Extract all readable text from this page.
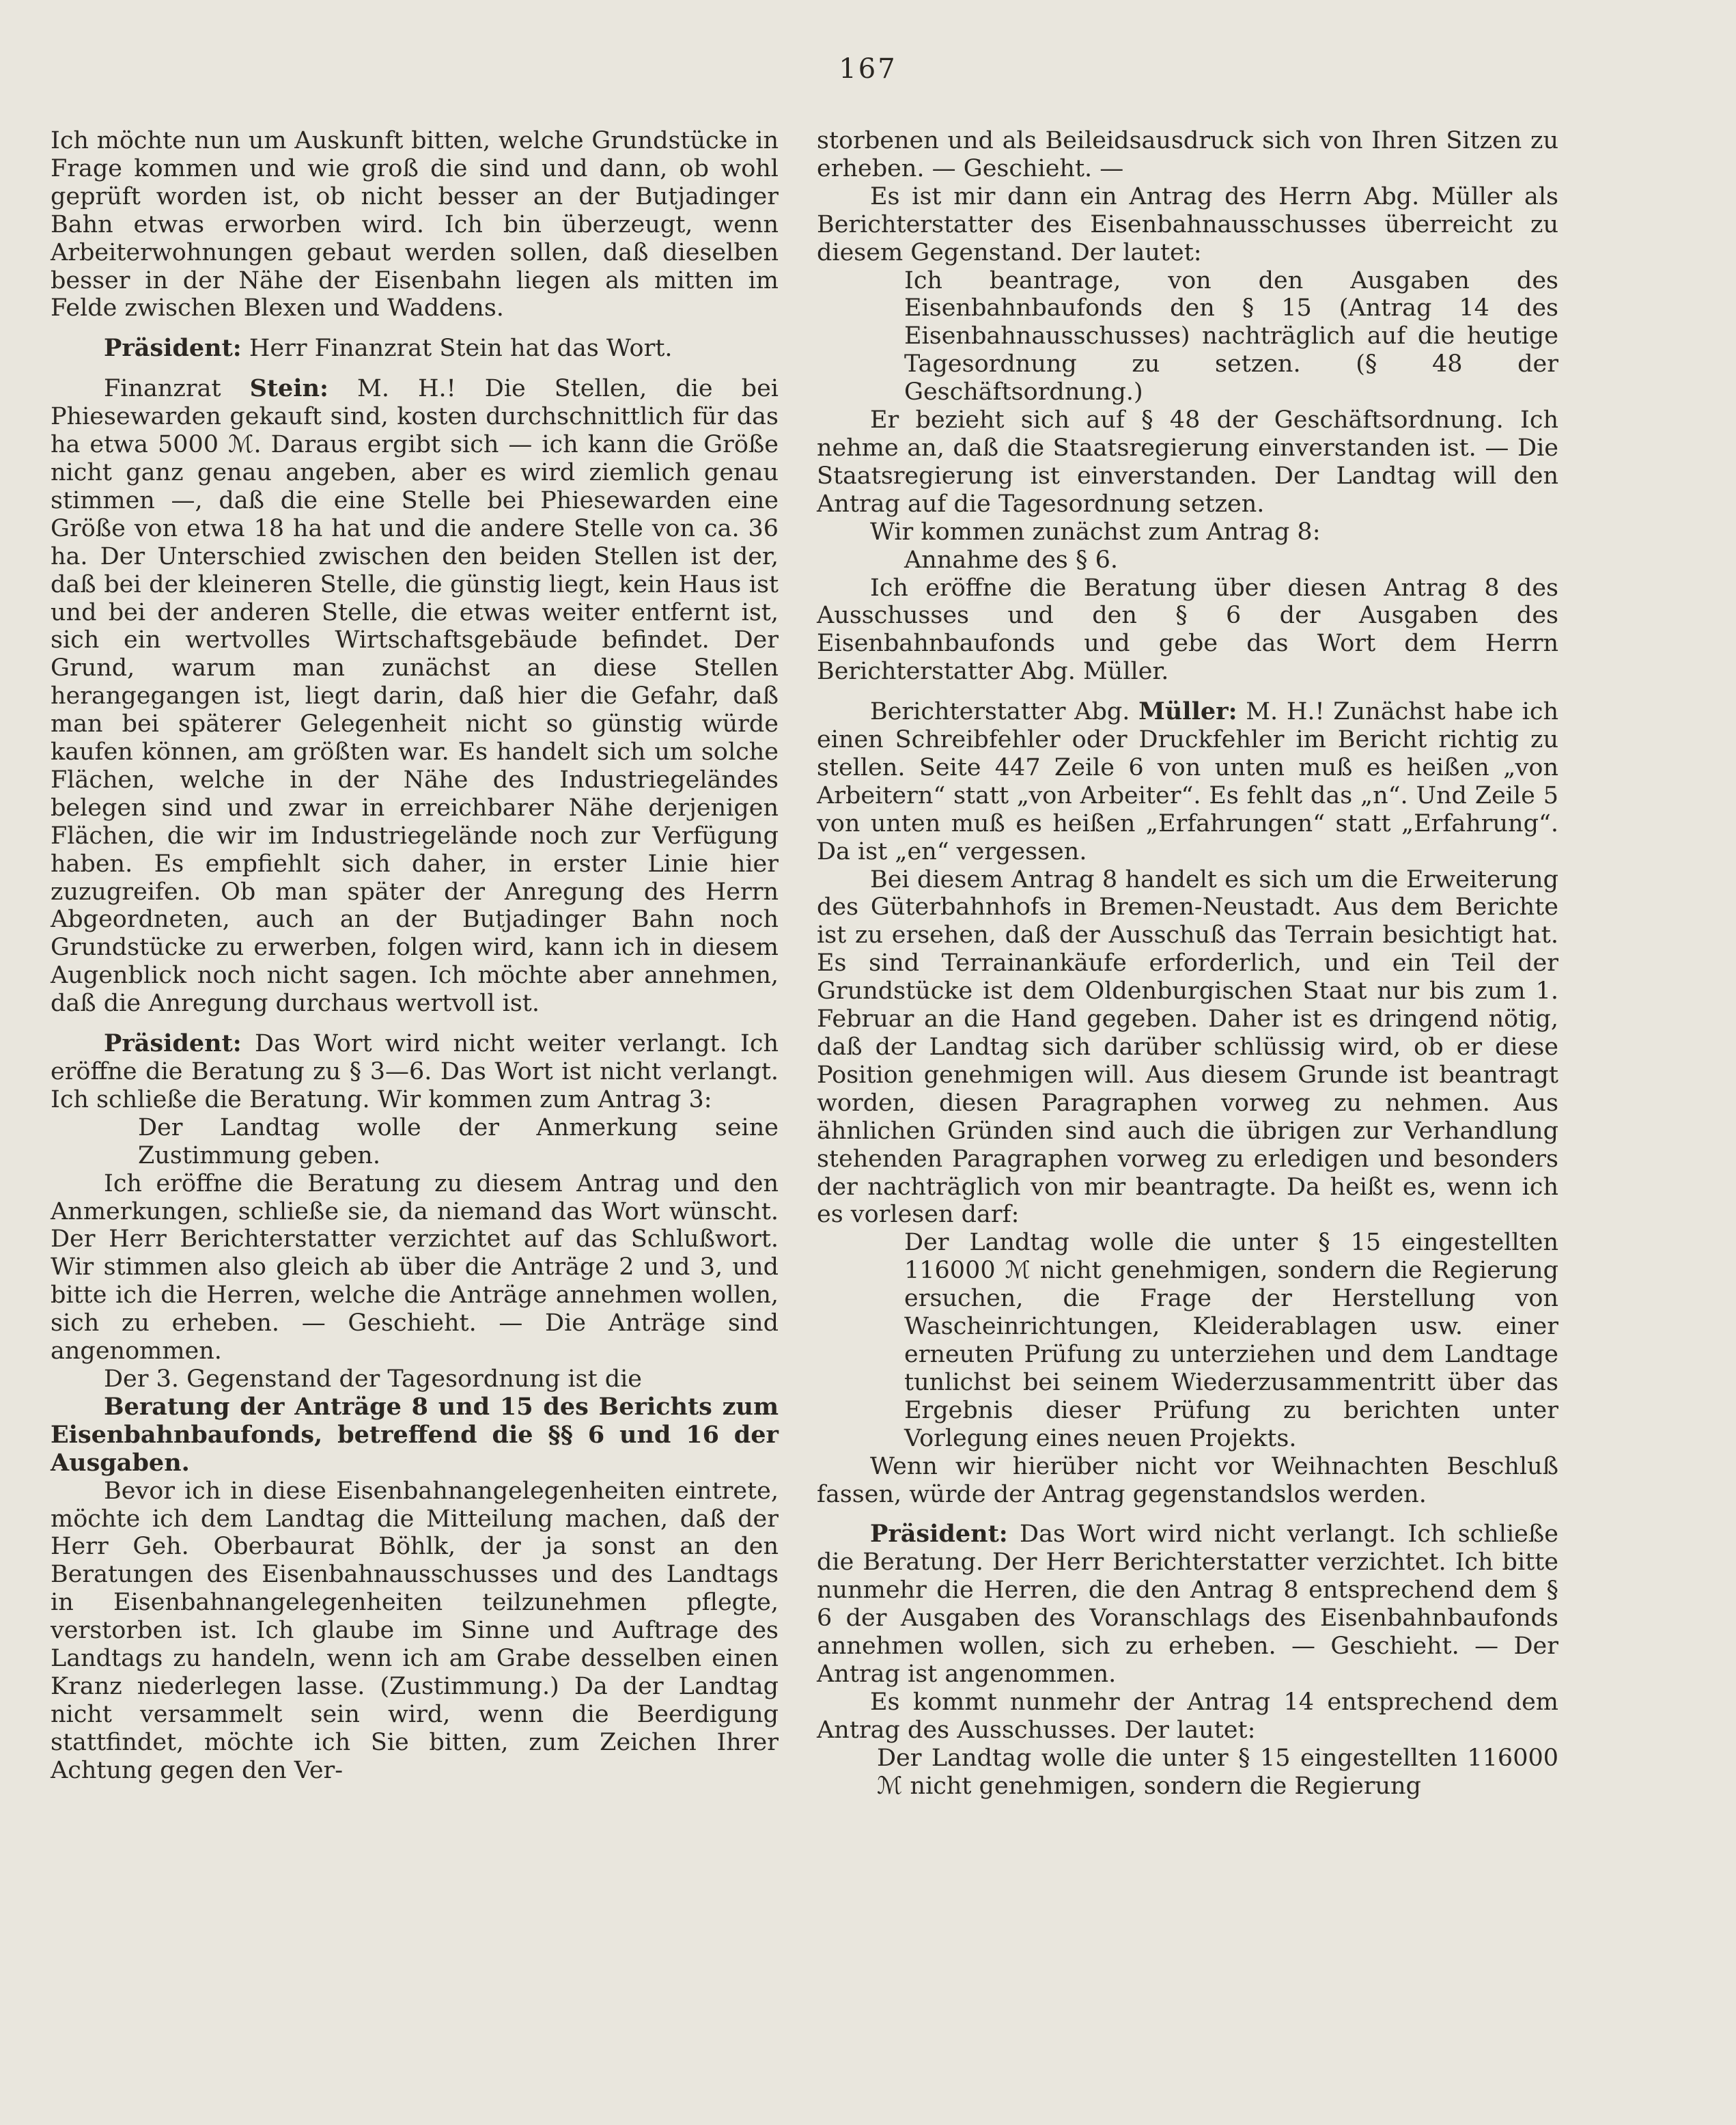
167

Ich möchte nun um Auskunft bitten, welche Grundstücke in Frage kommen und wie groß die sind und dann, ob wohl geprüft worden ist, ob nicht besser an der Butjadinger Bahn etwas erworben wird. Ich bin überzeugt, wenn Arbeiterwohnungen gebaut werden sollen, daß dieselben besser in der Nähe der Eisenbahn liegen als mitten im Felde zwischen Blexen und Waddens.

Präsident: Herr Finanzrat Stein hat das Wort.

Finanzrat Stein: M. H.! Die Stellen, die bei Phiesewarden gekauft sind, kosten durchschnittlich für das ha etwa 5000 ℳ. Daraus ergibt sich — ich kann die Größe nicht ganz genau angeben, aber es wird ziemlich genau stimmen —, daß die eine Stelle bei Phiesewarden eine Größe von etwa 18 ha hat und die andere Stelle von ca. 36 ha. Der Unterschied zwischen den beiden Stellen ist der, daß bei der kleineren Stelle, die günstig liegt, kein Haus ist und bei der anderen Stelle, die etwas weiter entfernt ist, sich ein wertvolles Wirtschaftsgebäude befindet. Der Grund, warum man zunächst an diese Stellen herangegangen ist, liegt darin, daß hier die Gefahr, daß man bei späterer Gelegenheit nicht so günstig würde kaufen können, am größten war. Es handelt sich um solche Flächen, welche in der Nähe des Industriegeländes belegen sind und zwar in erreichbarer Nähe derjenigen Flächen, die wir im Industriegelände noch zur Verfügung haben. Es empfiehlt sich daher, in erster Linie hier zuzugreifen. Ob man später der Anregung des Herrn Abgeordneten, auch an der Butjadinger Bahn noch Grundstücke zu erwerben, folgen wird, kann ich in diesem Augenblick noch nicht sagen. Ich möchte aber annehmen, daß die Anregung durchaus wertvoll ist.

Präsident: Das Wort wird nicht weiter verlangt. Ich eröffne die Beratung zu § 3—6. Das Wort ist nicht verlangt. Ich schließe die Beratung. Wir kommen zum Antrag 3:

Der Landtag wolle der Anmerkung seine Zustimmung geben.

Ich eröffne die Beratung zu diesem Antrag und den Anmerkungen, schließe sie, da niemand das Wort wünscht. Der Herr Berichterstatter verzichtet auf das Schlußwort. Wir stimmen also gleich ab über die Anträge 2 und 3, und bitte ich die Herren, welche die Anträge annehmen wollen, sich zu erheben. — Geschieht. — Die Anträge sind angenommen.

Der 3. Gegenstand der Tagesordnung ist die

Beratung der Anträge 8 und 15 des Berichts zum Eisenbahnbaufonds, betreffend die §§ 6 und 16 der Ausgaben.

Bevor ich in diese Eisenbahnangelegenheiten eintrete, möchte ich dem Landtag die Mitteilung machen, daß der Herr Geh. Oberbaurat Böhlk, der ja sonst an den Beratungen des Eisenbahnausschusses und des Landtags in Eisenbahnangelegenheiten teilzunehmen pflegte, verstorben ist. Ich glaube im Sinne und Auftrage des Landtags zu handeln, wenn ich am Grabe desselben einen Kranz niederlegen lasse. (Zustimmung.) Da der Landtag nicht versammelt sein wird, wenn die Beerdigung stattfindet, möchte ich Sie bitten, zum Zeichen Ihrer Achtung gegen den Ver-

storbenen und als Beileidsausdruck sich von Ihren Sitzen zu erheben. — Geschieht. —

Es ist mir dann ein Antrag des Herrn Abg. Müller als Berichterstatter des Eisenbahnausschusses überreicht zu diesem Gegenstand. Der lautet:

Ich beantrage, von den Ausgaben des Eisenbahnbaufonds den § 15 (Antrag 14 des Eisenbahnausschusses) nachträglich auf die heutige Tagesordnung zu setzen. (§ 48 der Geschäftsordnung.)

Er bezieht sich auf § 48 der Geschäftsordnung. Ich nehme an, daß die Staatsregierung einverstanden ist. — Die Staatsregierung ist einverstanden. Der Landtag will den Antrag auf die Tagesordnung setzen.

Wir kommen zunächst zum Antrag 8:

Annahme des § 6.

Ich eröffne die Beratung über diesen Antrag 8 des Ausschusses und den § 6 der Ausgaben des Eisenbahnbaufonds und gebe das Wort dem Herrn Berichterstatter Abg. Müller.

Berichterstatter Abg. Müller: M. H.! Zunächst habe ich einen Schreibfehler oder Druckfehler im Bericht richtig zu stellen. Seite 447 Zeile 6 von unten muß es heißen „von Arbeitern“ statt „von Arbeiter“. Es fehlt das „n“. Und Zeile 5 von unten muß es heißen „Erfahrungen“ statt „Erfahrung“. Da ist „en“ vergessen.

Bei diesem Antrag 8 handelt es sich um die Erweiterung des Güterbahnhofs in Bremen-Neustadt. Aus dem Berichte ist zu ersehen, daß der Ausschuß das Terrain besichtigt hat. Es sind Terrainankäufe erforderlich, und ein Teil der Grundstücke ist dem Oldenburgischen Staat nur bis zum 1. Februar an die Hand gegeben. Daher ist es dringend nötig, daß der Landtag sich darüber schlüssig wird, ob er diese Position genehmigen will. Aus diesem Grunde ist beantragt worden, diesen Paragraphen vorweg zu nehmen. Aus ähnlichen Gründen sind auch die übrigen zur Verhandlung stehenden Paragraphen vorweg zu erledigen und besonders der nachträglich von mir beantragte. Da heißt es, wenn ich es vorlesen darf:

Der Landtag wolle die unter § 15 eingestellten 116000 ℳ nicht genehmigen, sondern die Regierung ersuchen, die Frage der Herstellung von Wascheinrichtungen, Kleiderablagen usw. einer erneuten Prüfung zu unterziehen und dem Landtage tunlichst bei seinem Wiederzusammentritt über das Ergebnis dieser Prüfung zu berichten unter Vorlegung eines neuen Projekts.

Wenn wir hierüber nicht vor Weihnachten Beschluß fassen, würde der Antrag gegenstandslos werden.

Präsident: Das Wort wird nicht verlangt. Ich schließe die Beratung. Der Herr Berichterstatter verzichtet. Ich bitte nunmehr die Herren, die den Antrag 8 entsprechend dem § 6 der Ausgaben des Voranschlags des Eisenbahnbaufonds annehmen wollen, sich zu erheben. — Geschieht. — Der Antrag ist angenommen.

Es kommt nunmehr der Antrag 14 entsprechend dem Antrag des Ausschusses. Der lautet:

Der Landtag wolle die unter § 15 eingestellten 116000 ℳ nicht genehmigen, sondern die Regierung
